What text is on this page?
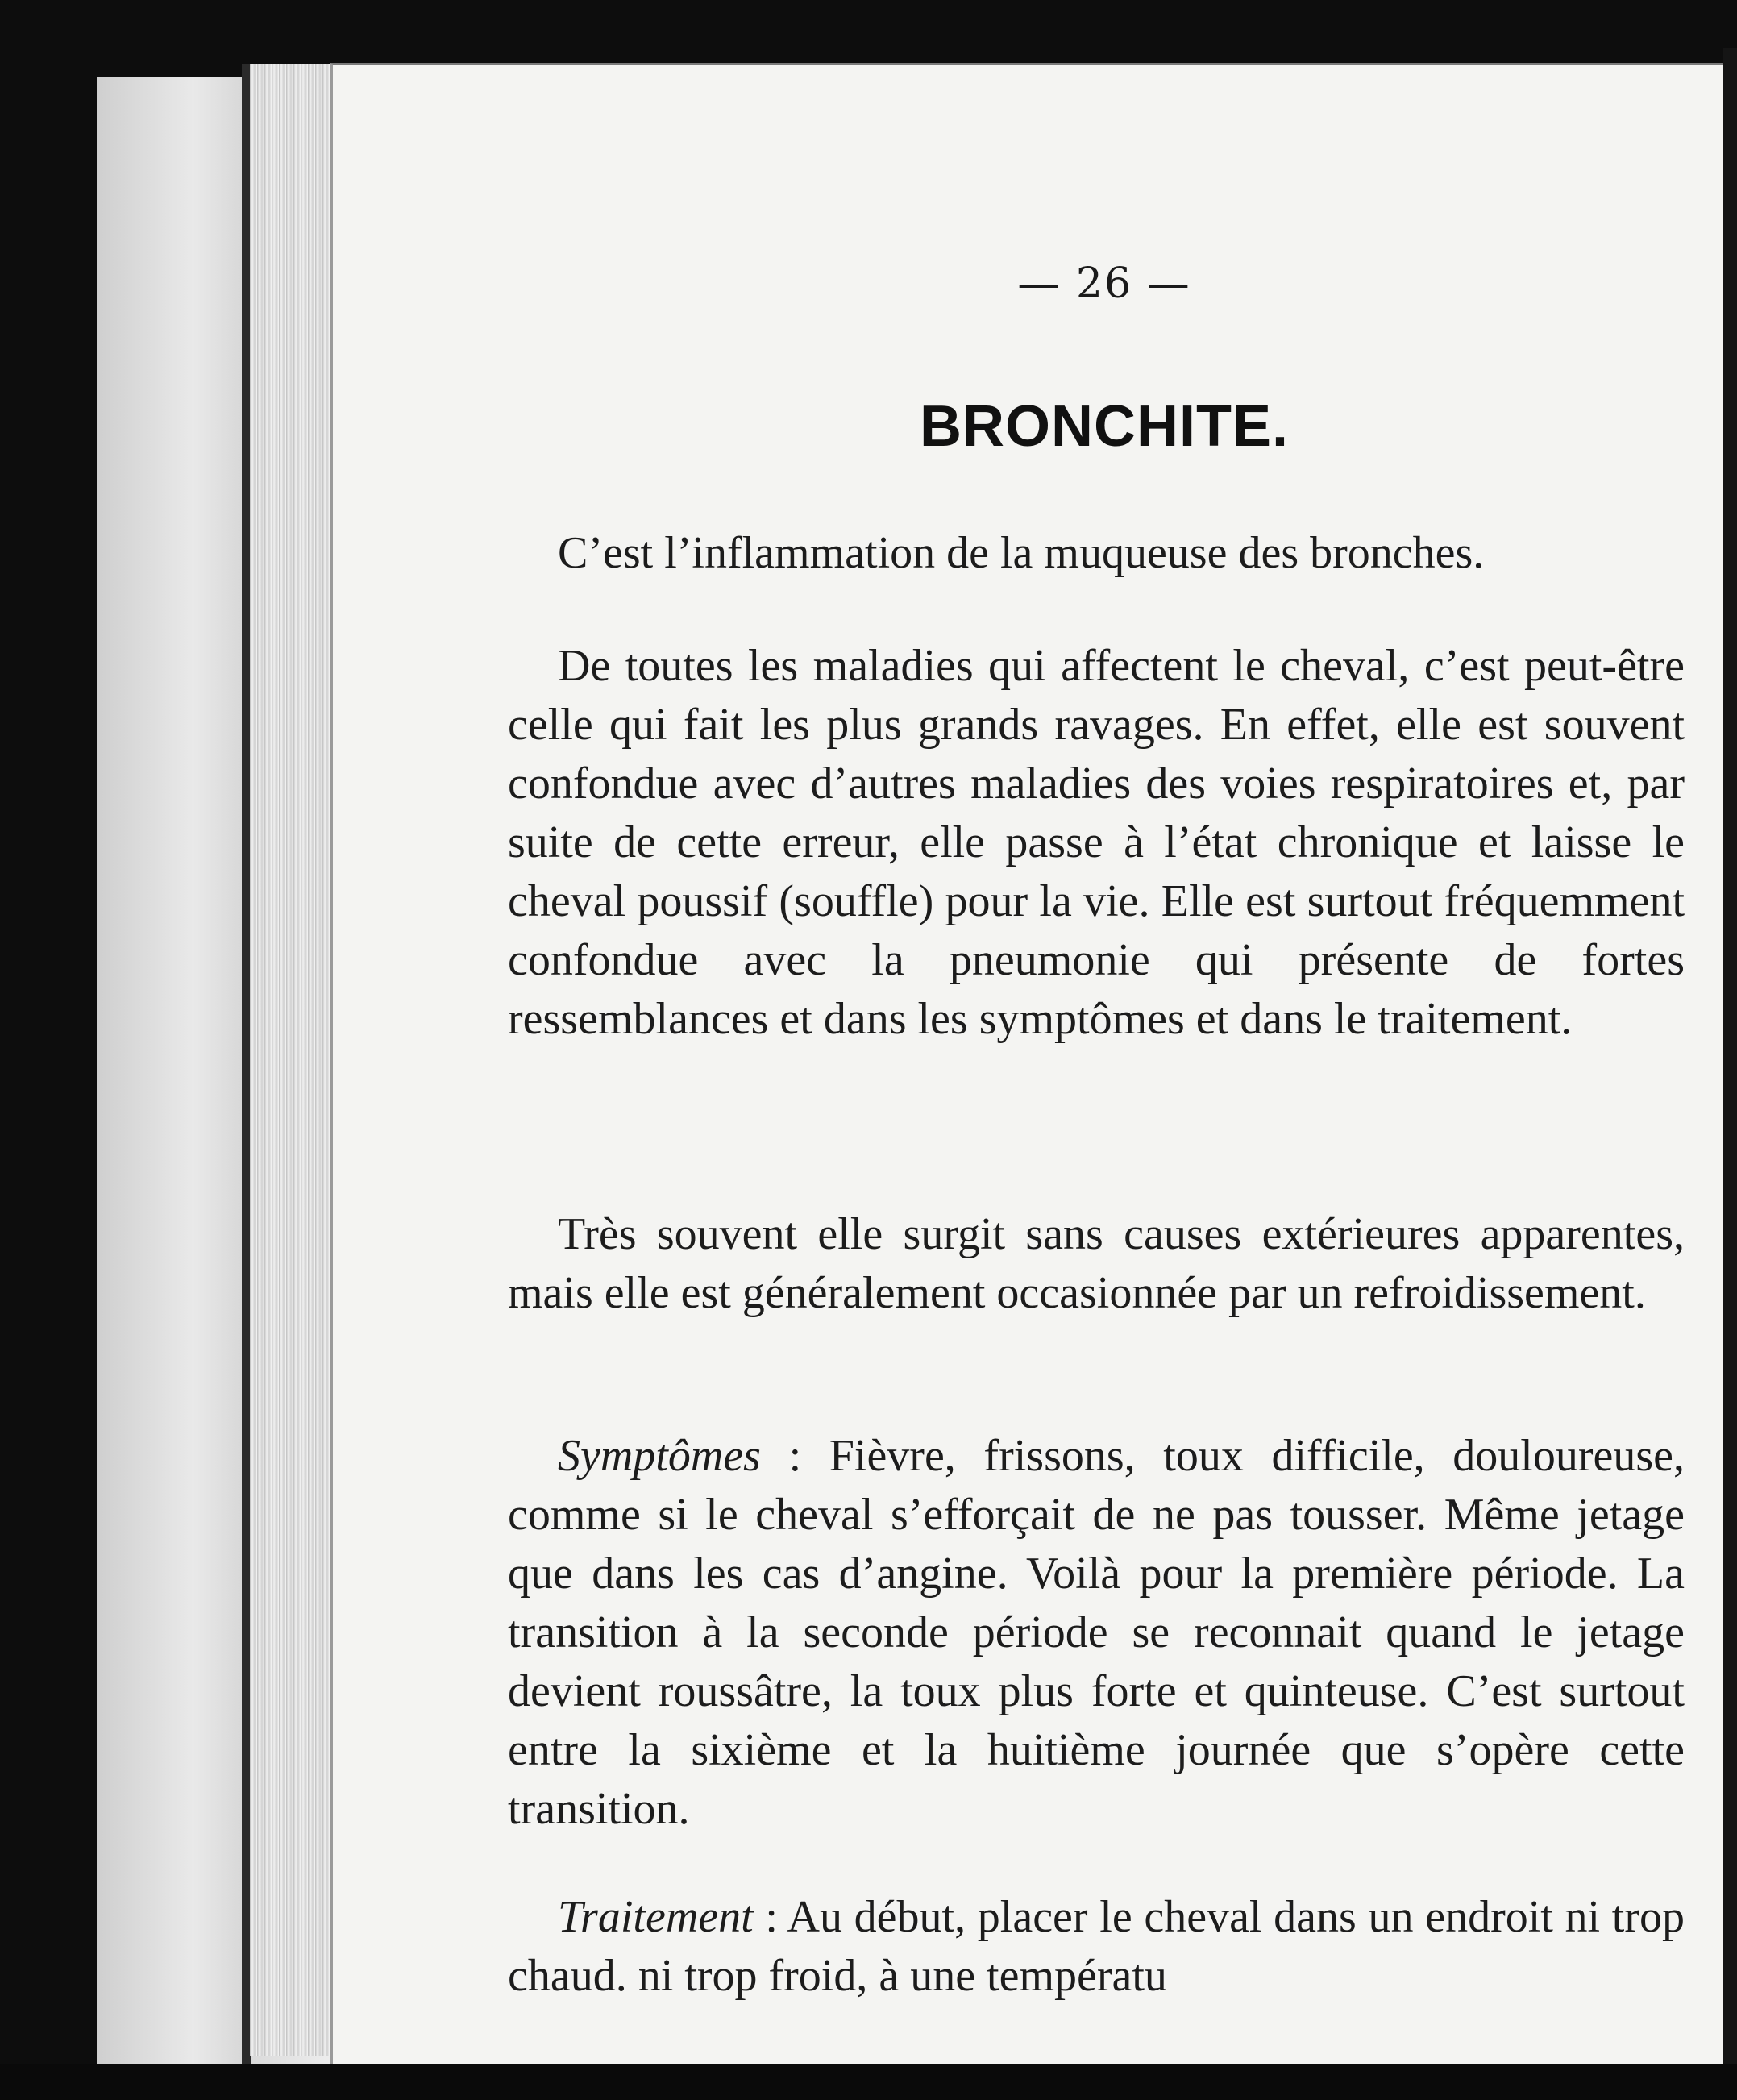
— 26 —
BRONCHITE.
C’est l’inflammation de la muqueuse des bronches.
De toutes les maladies qui affectent le cheval, c’est peut-être celle qui fait les plus grands ravages. En effet, elle est souvent confondue avec d’autres maladies des voies respiratoires et, par suite de cette erreur, elle passe à l’état chronique et laisse le cheval poussif (souffle) pour la vie. Elle est surtout fréquemment confondue avec la pneumonie qui présente de fortes ressemblances et dans les symptômes et dans le traitement.
Très souvent elle surgit sans causes extérieures apparentes, mais elle est généralement occasionnée par un refroidissement.
Symptômes : Fièvre, frissons, toux difficile, douloureuse, comme si le cheval s’efforçait de ne pas tousser. Même jetage que dans les cas d’angine. Voilà pour la première période. La transition à la seconde période se reconnait quand le jetage devient roussâtre, la toux plus forte et quinteuse. C’est surtout entre la sixième et la huitième journée que s’opère cette transition.
Traitement : Au début, placer le cheval dans un endroit ni trop chaud. ni trop froid, à une températu
